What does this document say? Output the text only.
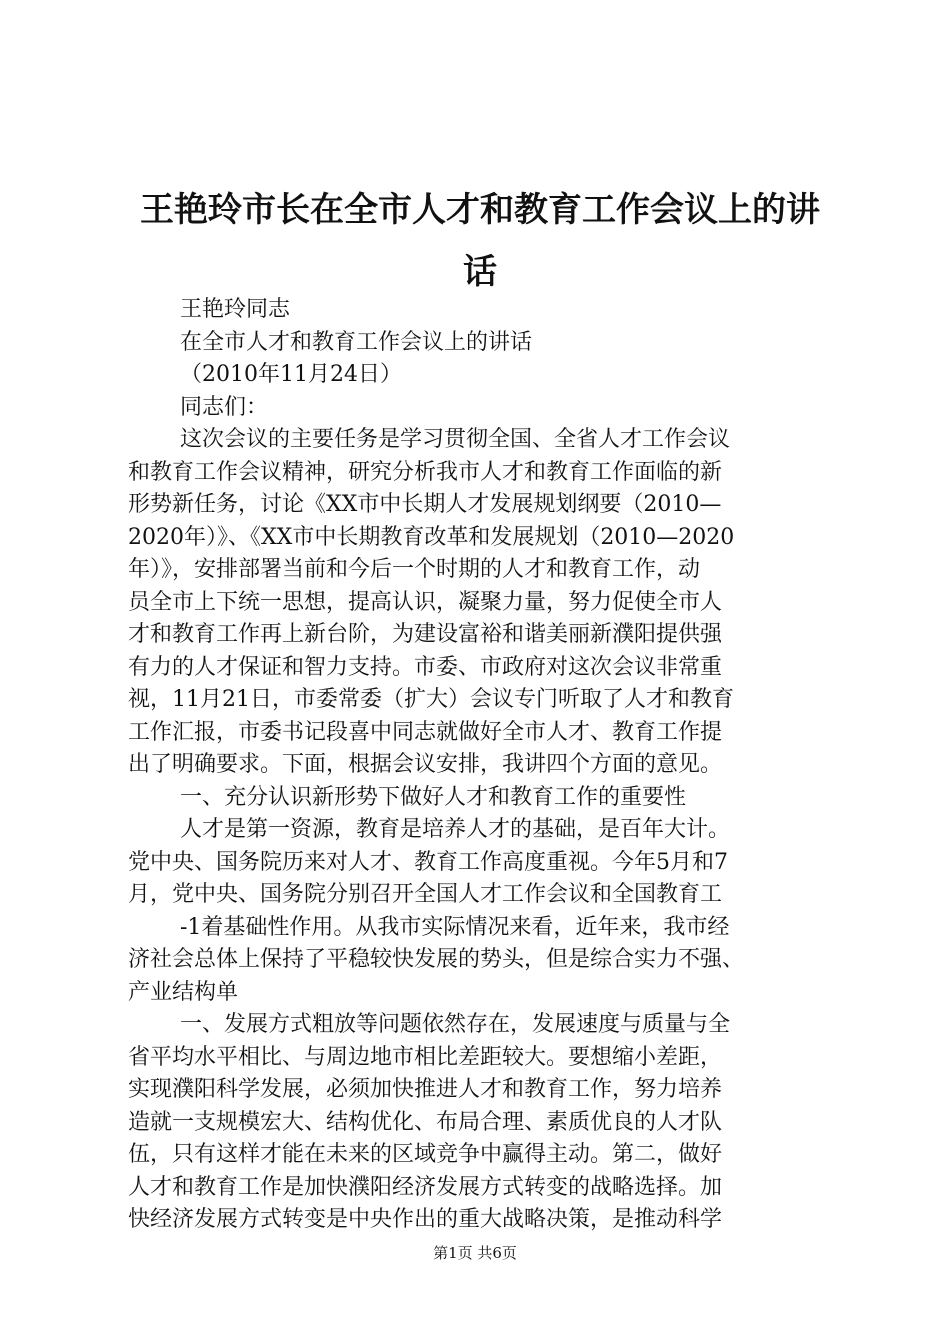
王艳玲市长在全市人才和教育工作会议上的讲
话

王艳玲同志

在全市人才和教育工作会议上的讲话

（2010年11月24日）

同志们：

这次会议的主要任务是学习贯彻全国、全省人才工作会议

和教育工作会议精神，研究分析我市人才和教育工作面临的新

形势新任务，讨论《XX市中长期人才发展规划纲要（2010—

2020年）》、《XX市中长期教育改革和发展规划（2010—2020

年）》，安排部署当前和今后一个时期的人才和教育工作，动

员全市上下统一思想，提高认识，凝聚力量，努力促使全市人

才和教育工作再上新台阶，为建设富裕和谐美丽新濮阳提供强

有力的人才保证和智力支持。市委、市政府对这次会议非常重

视，11月21日，市委常委（扩大）会议专门听取了人才和教育

工作汇报，市委书记段喜中同志就做好全市人才、教育工作提

出了明确要求。下面，根据会议安排，我讲四个方面的意见。

一、充分认识新形势下做好人才和教育工作的重要性

人才是第一资源，教育是培养人才的基础，是百年大计。

党中央、国务院历来对人才、教育工作高度重视。今年5月和7

月，党中央、国务院分别召开全国人才工作会议和全国教育工

-1着基础性作用。从我市实际情况来看，近年来，我市经

济社会总体上保持了平稳较快发展的势头，但是综合实力不强、

产业结构单

一、发展方式粗放等问题依然存在，发展速度与质量与全

省平均水平相比、与周边地市相比差距较大。要想缩小差距，

实现濮阳科学发展，必须加快推进人才和教育工作，努力培养

造就一支规模宏大、结构优化、布局合理、素质优良的人才队

伍，只有这样才能在未来的区域竞争中赢得主动。第二，做好

人才和教育工作是加快濮阳经济发展方式转变的战略选择。加

快经济发展方式转变是中央作出的重大战略决策，是推动科学

第1页 共6页
